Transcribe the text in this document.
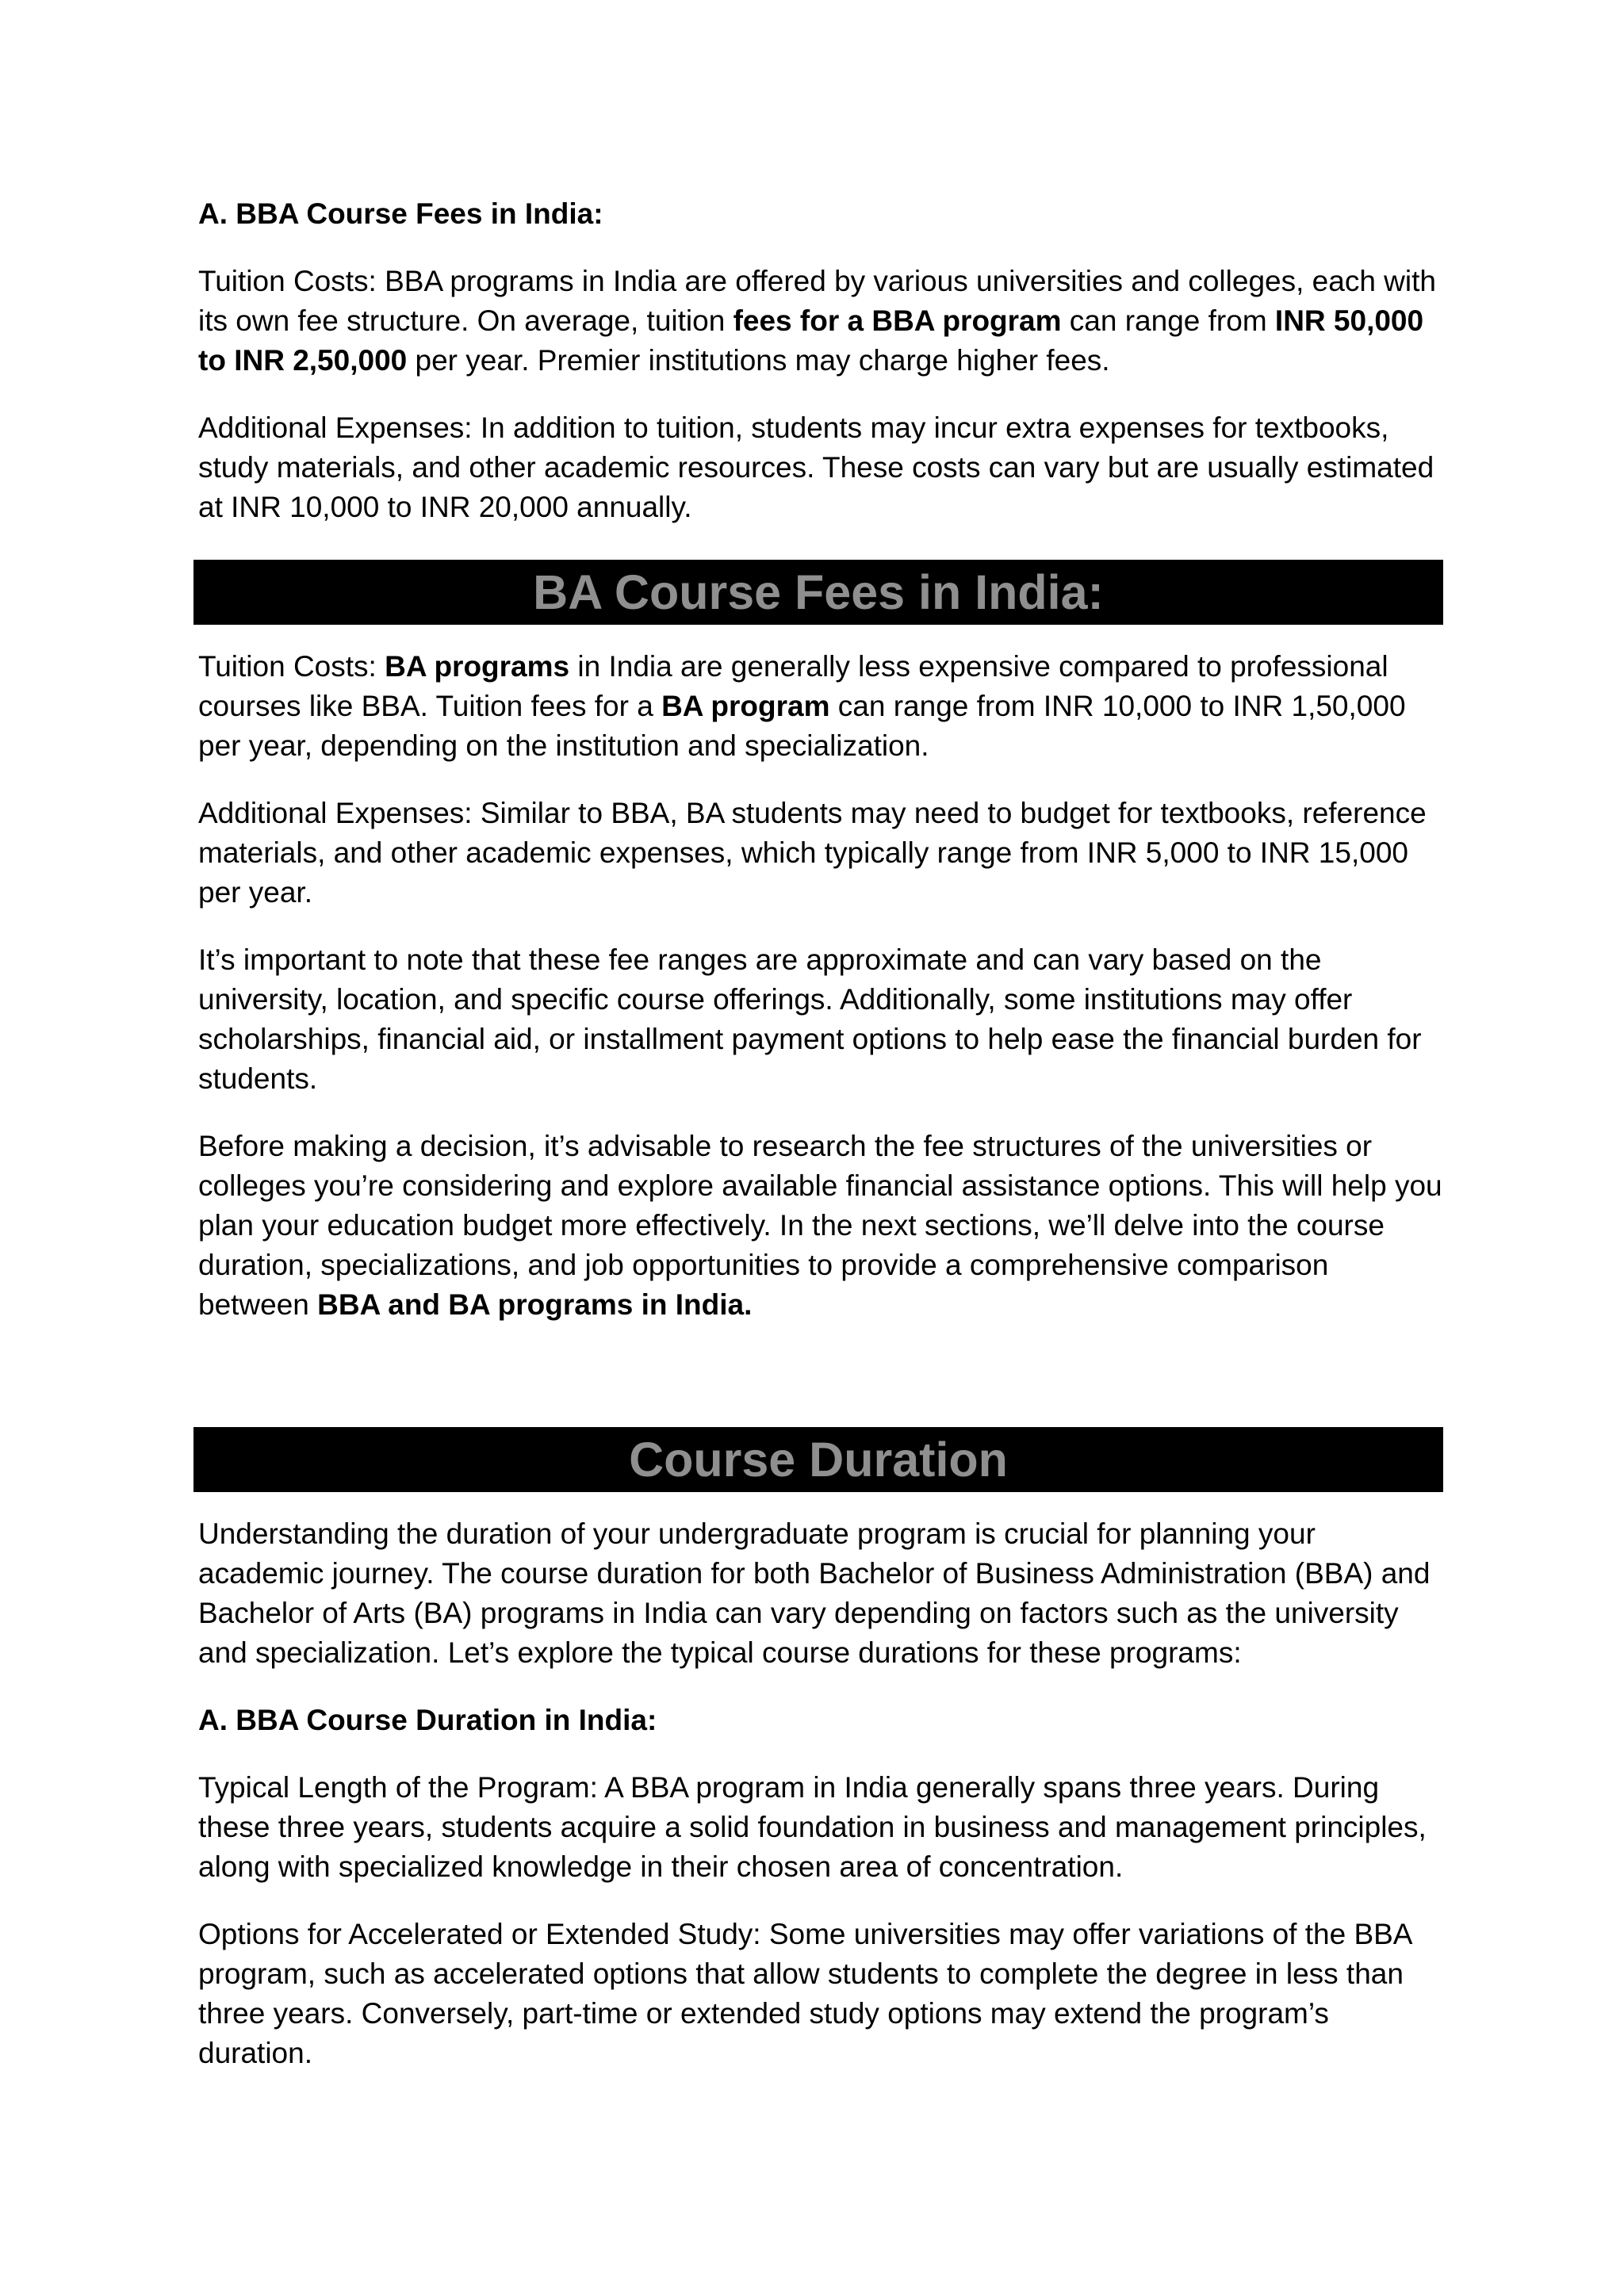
A. BBA Course Fees in India:

Tuition Costs: BBA programs in India are offered by various universities and colleges, each with its own fee structure. On average, tuition fees for a BBA program can range from INR 50,000 to INR 2,50,000 per year. Premier institutions may charge higher fees.

Additional Expenses: In addition to tuition, students may incur extra expenses for textbooks, study materials, and other academic resources. These costs can vary but are usually estimated at INR 10,000 to INR 20,000 annually.

BA Course Fees in India:

Tuition Costs: BA programs in India are generally less expensive compared to professional courses like BBA. Tuition fees for a BA program can range from INR 10,000 to INR 1,50,000 per year, depending on the institution and specialization.

Additional Expenses: Similar to BBA, BA students may need to budget for textbooks, reference materials, and other academic expenses, which typically range from INR 5,000 to INR 15,000 per year.

It’s important to note that these fee ranges are approximate and can vary based on the university, location, and specific course offerings. Additionally, some institutions may offer scholarships, financial aid, or installment payment options to help ease the financial burden for students.

Before making a decision, it’s advisable to research the fee structures of the universities or colleges you’re considering and explore available financial assistance options. This will help you plan your education budget more effectively. In the next sections, we’ll delve into the course duration, specializations, and job opportunities to provide a comprehensive comparison between BBA and BA programs in India.

Course Duration

Understanding the duration of your undergraduate program is crucial for planning your academic journey. The course duration for both Bachelor of Business Administration (BBA) and Bachelor of Arts (BA) programs in India can vary depending on factors such as the university and specialization. Let’s explore the typical course durations for these programs:

A. BBA Course Duration in India:

Typical Length of the Program: A BBA program in India generally spans three years. During these three years, students acquire a solid foundation in business and management principles, along with specialized knowledge in their chosen area of concentration.

Options for Accelerated or Extended Study: Some universities may offer variations of the BBA program, such as accelerated options that allow students to complete the degree in less than three years. Conversely, part-time or extended study options may extend the program’s duration.
